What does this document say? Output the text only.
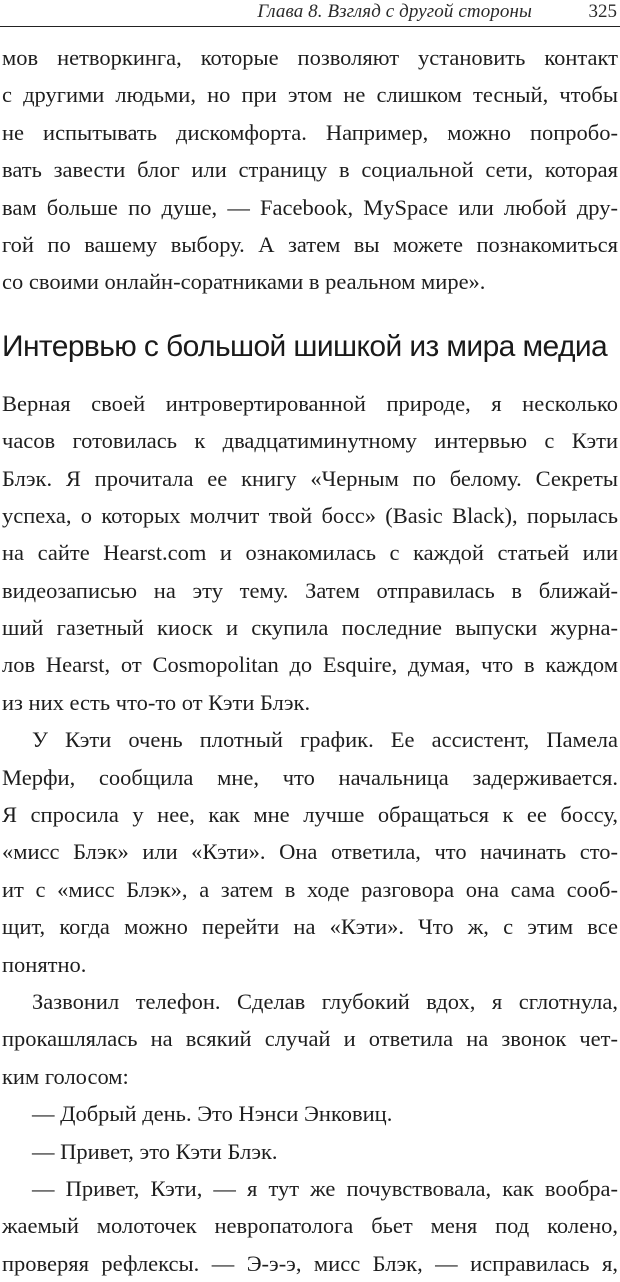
Глава 8. Взгляд с другой стороны	325
мов нетворкинга, которые позволяют установить контакт
с другими людьми, но при этом не слишком тесный, чтобы
не испытывать дискомфорта. Например, можно попробо-
вать завести блог или страницу в социальной сети, которая
вам больше по душе, — Facebook, MySpace или любой дру-
гой по вашему выбору. А затем вы можете познакомиться
со своими онлайн-соратниками в реальном мире».
Интервью с большой шишкой из мира медиа
Верная своей интровертированной природе, я несколько
часов готовилась к двадцатиминутному интервью с Кэти
Блэк. Я прочитала ее книгу «Черным по белому. Секреты
успеха, о которых молчит твой босс» (Basic Black), порылась
на сайте Hearst.com и ознакомилась с каждой статьей или
видеозаписью на эту тему. Затем отправилась в ближай-
ший газетный киоск и скупила последние выпуски журна-
лов Hearst, от Cosmopolitan до Esquire, думая, что в каждом
из них есть что-то от Кэти Блэк.
У Кэти очень плотный график. Ее ассистент, Памела
Мерфи, сообщила мне, что начальница задерживается.
Я спросила у нее, как мне лучше обращаться к ее боссу,
«мисс Блэк» или «Кэти». Она ответила, что начинать сто-
ит с «мисс Блэк», а затем в ходе разговора она сама сооб-
щит, когда можно перейти на «Кэти». Что ж, с этим все
понятно.
Зазвонил телефон. Сделав глубокий вдох, я сглотнула,
прокашлялась на всякий случай и ответила на звонок чет-
ким голосом:
— Добрый день. Это Нэнси Энковиц.
— Привет, это Кэти Блэк.
— Привет, Кэти, — я тут же почувствовала, как вообра-
жаемый молоточек невропатолога бьет меня под колено,
проверяя рефлексы. — Э-э-э, мисс Блэк, — исправилась я,
